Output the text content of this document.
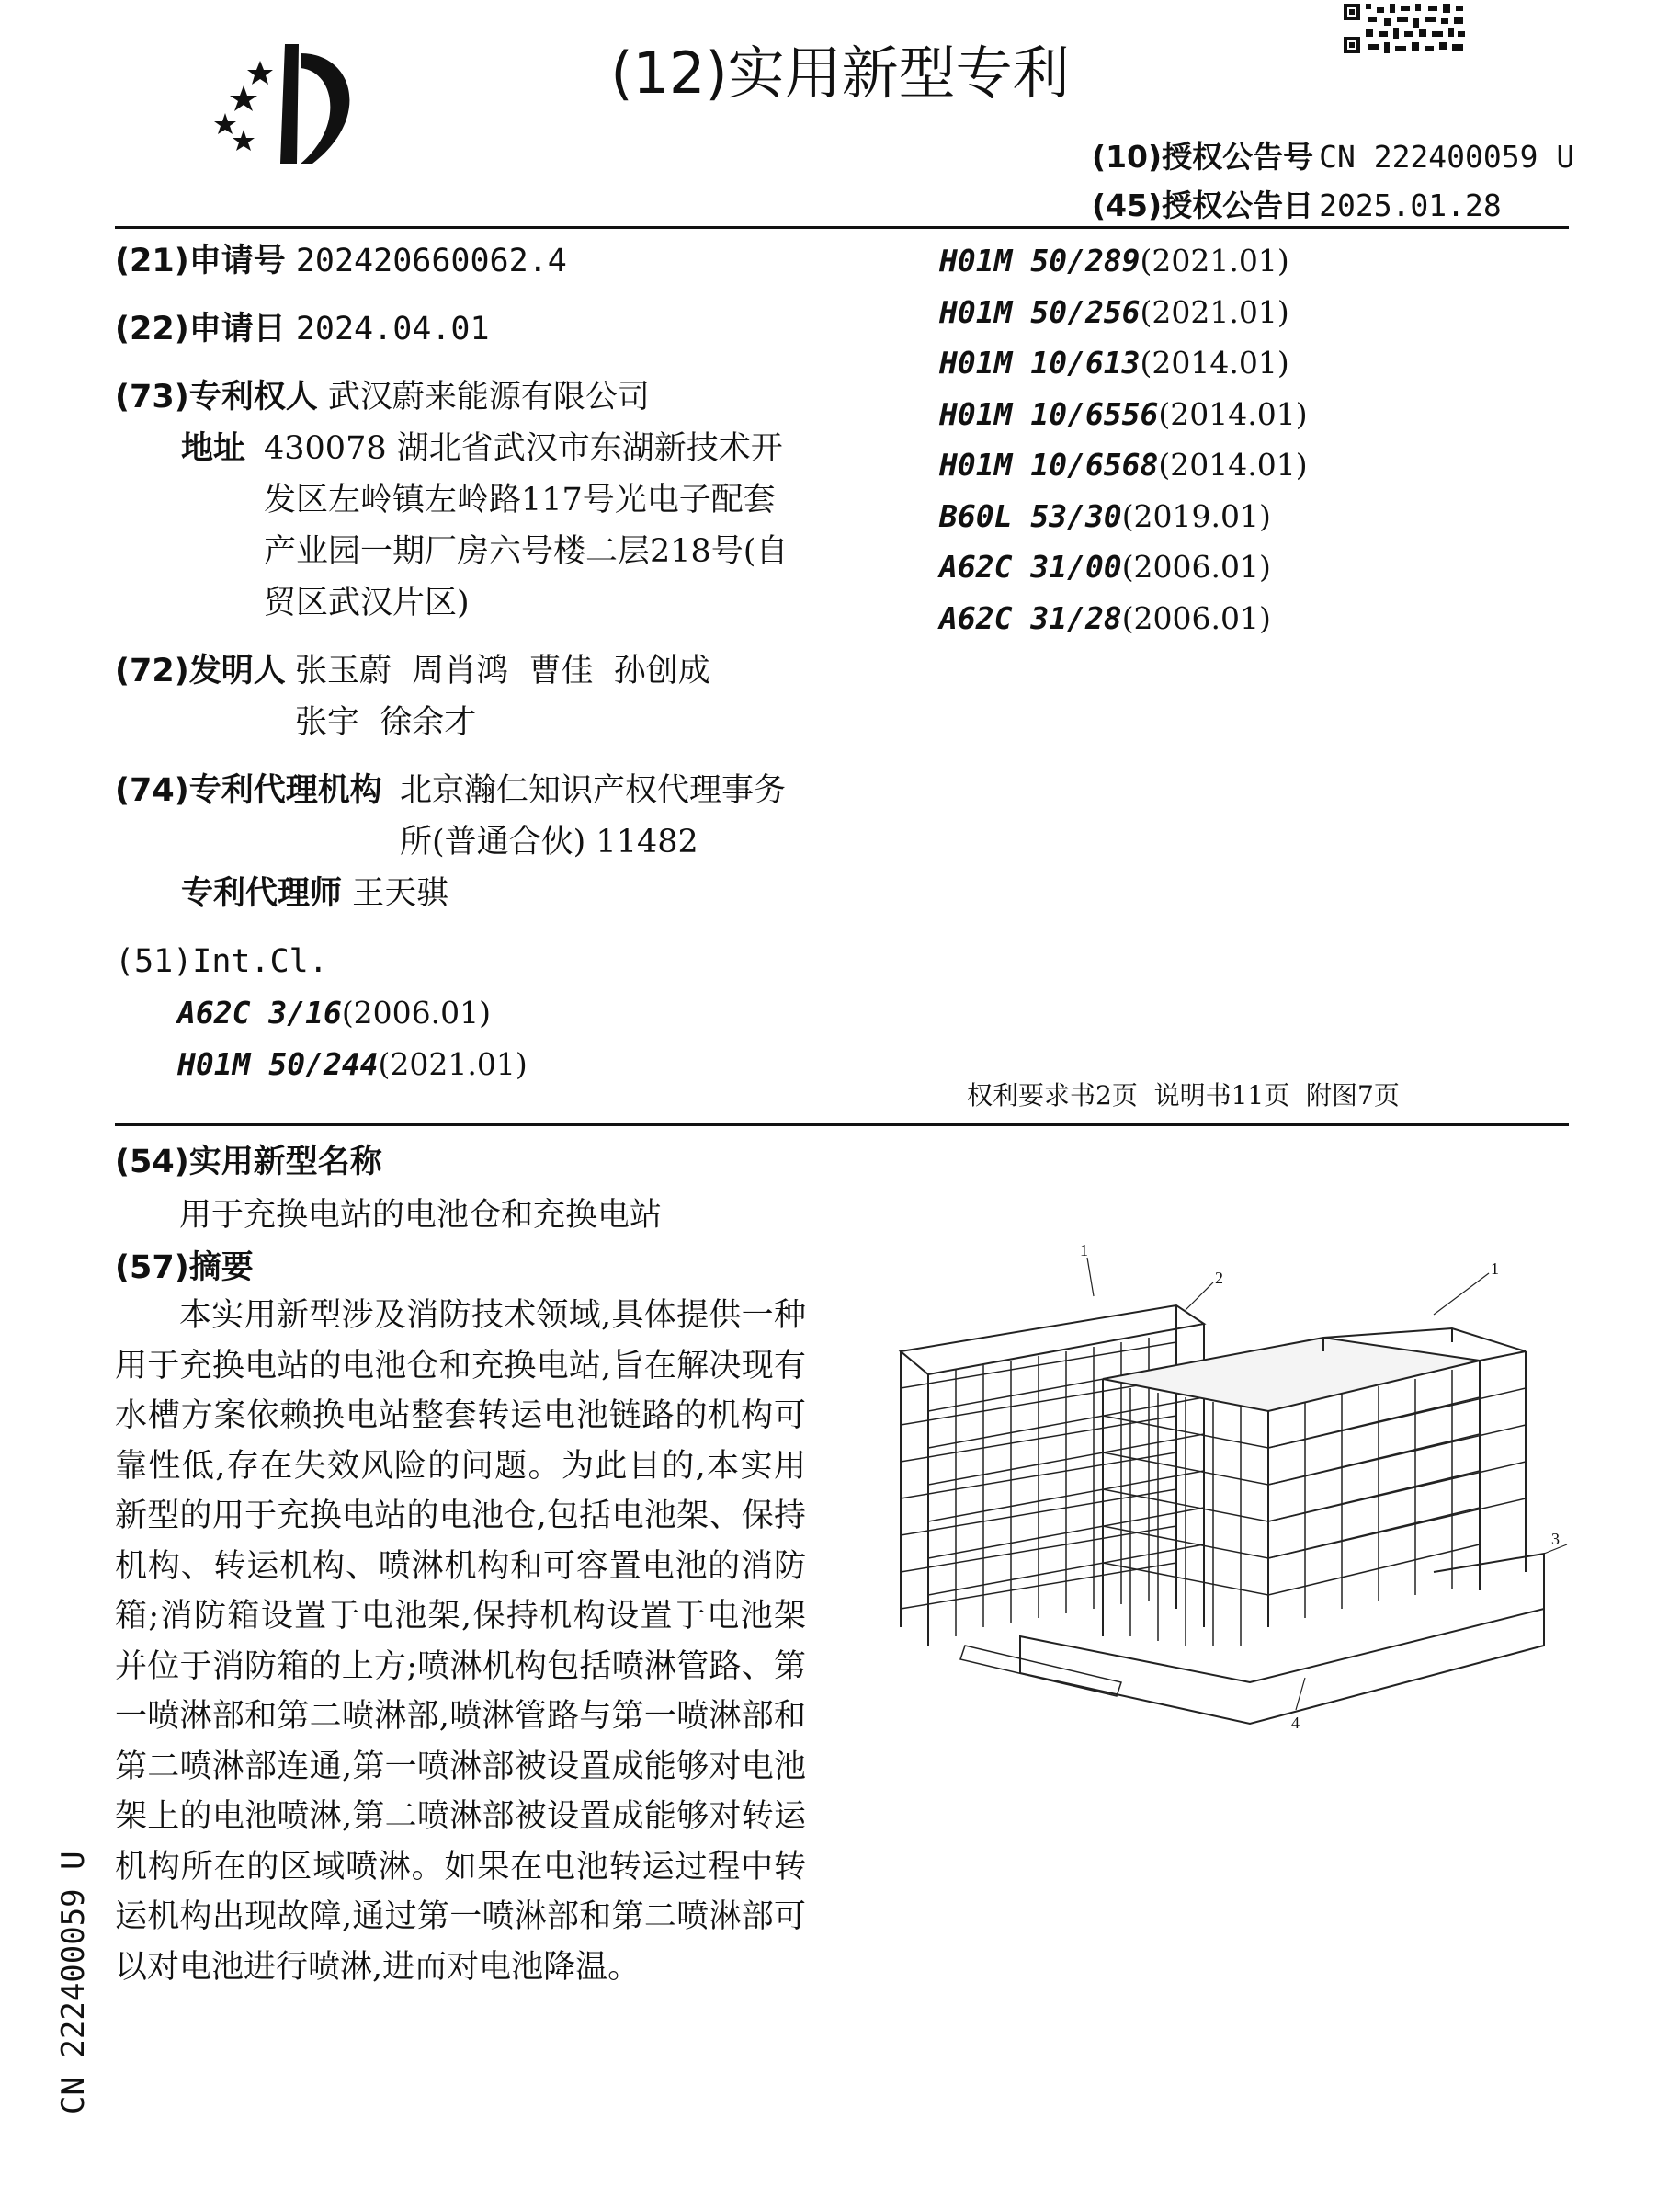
(12)实用新型专利
(10)授权公告号 CN 222400059 U
(45)授权公告日 2025.01.28
(21)申请号 202420660062.4
(22)申请日 2024.04.01
(73)专利权人 武汉蔚来能源有限公司
地址 430078 湖北省武汉市东湖新技术开
发区左岭镇左岭路117号光电子配套
产业园一期厂房六号楼二层218号(自
贸区武汉片区)
(72)发明人 张玉蔚  周肖鸿  曹佳  孙创成
张宇  徐余才
(74)专利代理机构 北京瀚仁知识产权代理事务
所(普通合伙) 11482
专利代理师 王天骐
(51)Int.Cl.
A62C 3/16(2006.01)
H01M 50/244(2021.01)
H01M 50/289(2021.01)
H01M 50/256(2021.01)
H01M 10/613(2014.01)
H01M 10/6556(2014.01)
H01M 10/6568(2014.01)
B60L 53/30(2019.01)
A62C 31/00(2006.01)
A62C 31/28(2006.01)
权利要求书2页  说明书11页  附图7页
(54)实用新型名称
用于充换电站的电池仓和充换电站
(57)摘要
本实用新型涉及消防技术领域,具体提供一种用于充换电站的电池仓和充换电站,旨在解决现有水槽方案依赖换电站整套转运电池链路的机构可靠性低,存在失效风险的问题。为此目的,本实用新型的用于充换电站的电池仓,包括电池架、保持机构、转运机构、喷淋机构和可容置电池的消防箱;消防箱设置于电池架,保持机构设置于电池架并位于消防箱的上方;喷淋机构包括喷淋管路、第一喷淋部和第二喷淋部,喷淋管路与第一喷淋部和第二喷淋部连通,第一喷淋部被设置成能够对电池架上的电池喷淋,第二喷淋部被设置成能够对转运机构所在的区域喷淋。如果在电池转运过程中转运机构出现故障,通过第一喷淋部和第二喷淋部可以对电池进行喷淋,进而对电池降温。
1
2	1
3
4
CN 222400059 U
